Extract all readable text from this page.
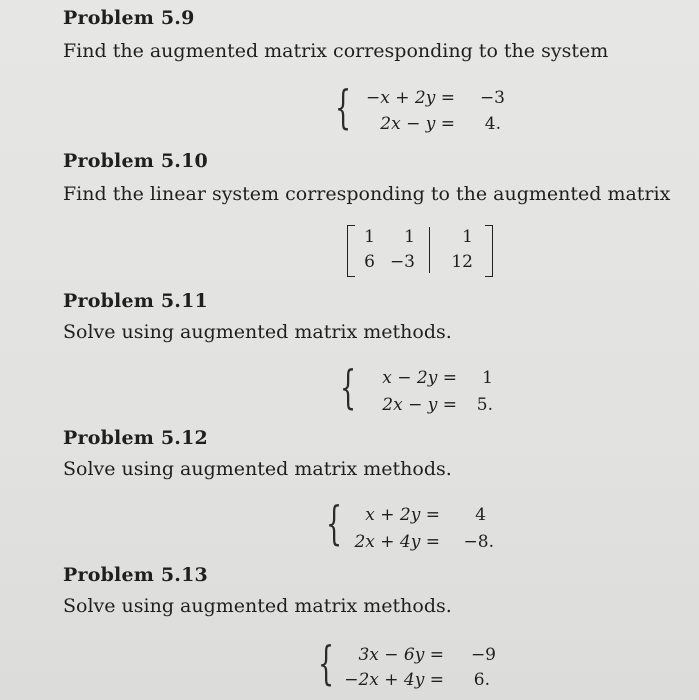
Problem 5.9
Find the augmented matrix corresponding to the system
{ −x + 2y =	−3
2x − y =	4.
Problem 5.10
Find the linear system corresponding to the augmented matrix
1	1	1
6 −3	12
Problem 5.11
Solve using augmented matrix methods.
{	x − 2y =	1
2x − y =	5.
Problem 5.12
Solve using augmented matrix methods.
{	x + 2y =	4
2x + 4y =	−8.
Problem 5.13
Solve using augmented matrix methods.
{	3x − 6y =	−9
−2x + 4y =	6.
